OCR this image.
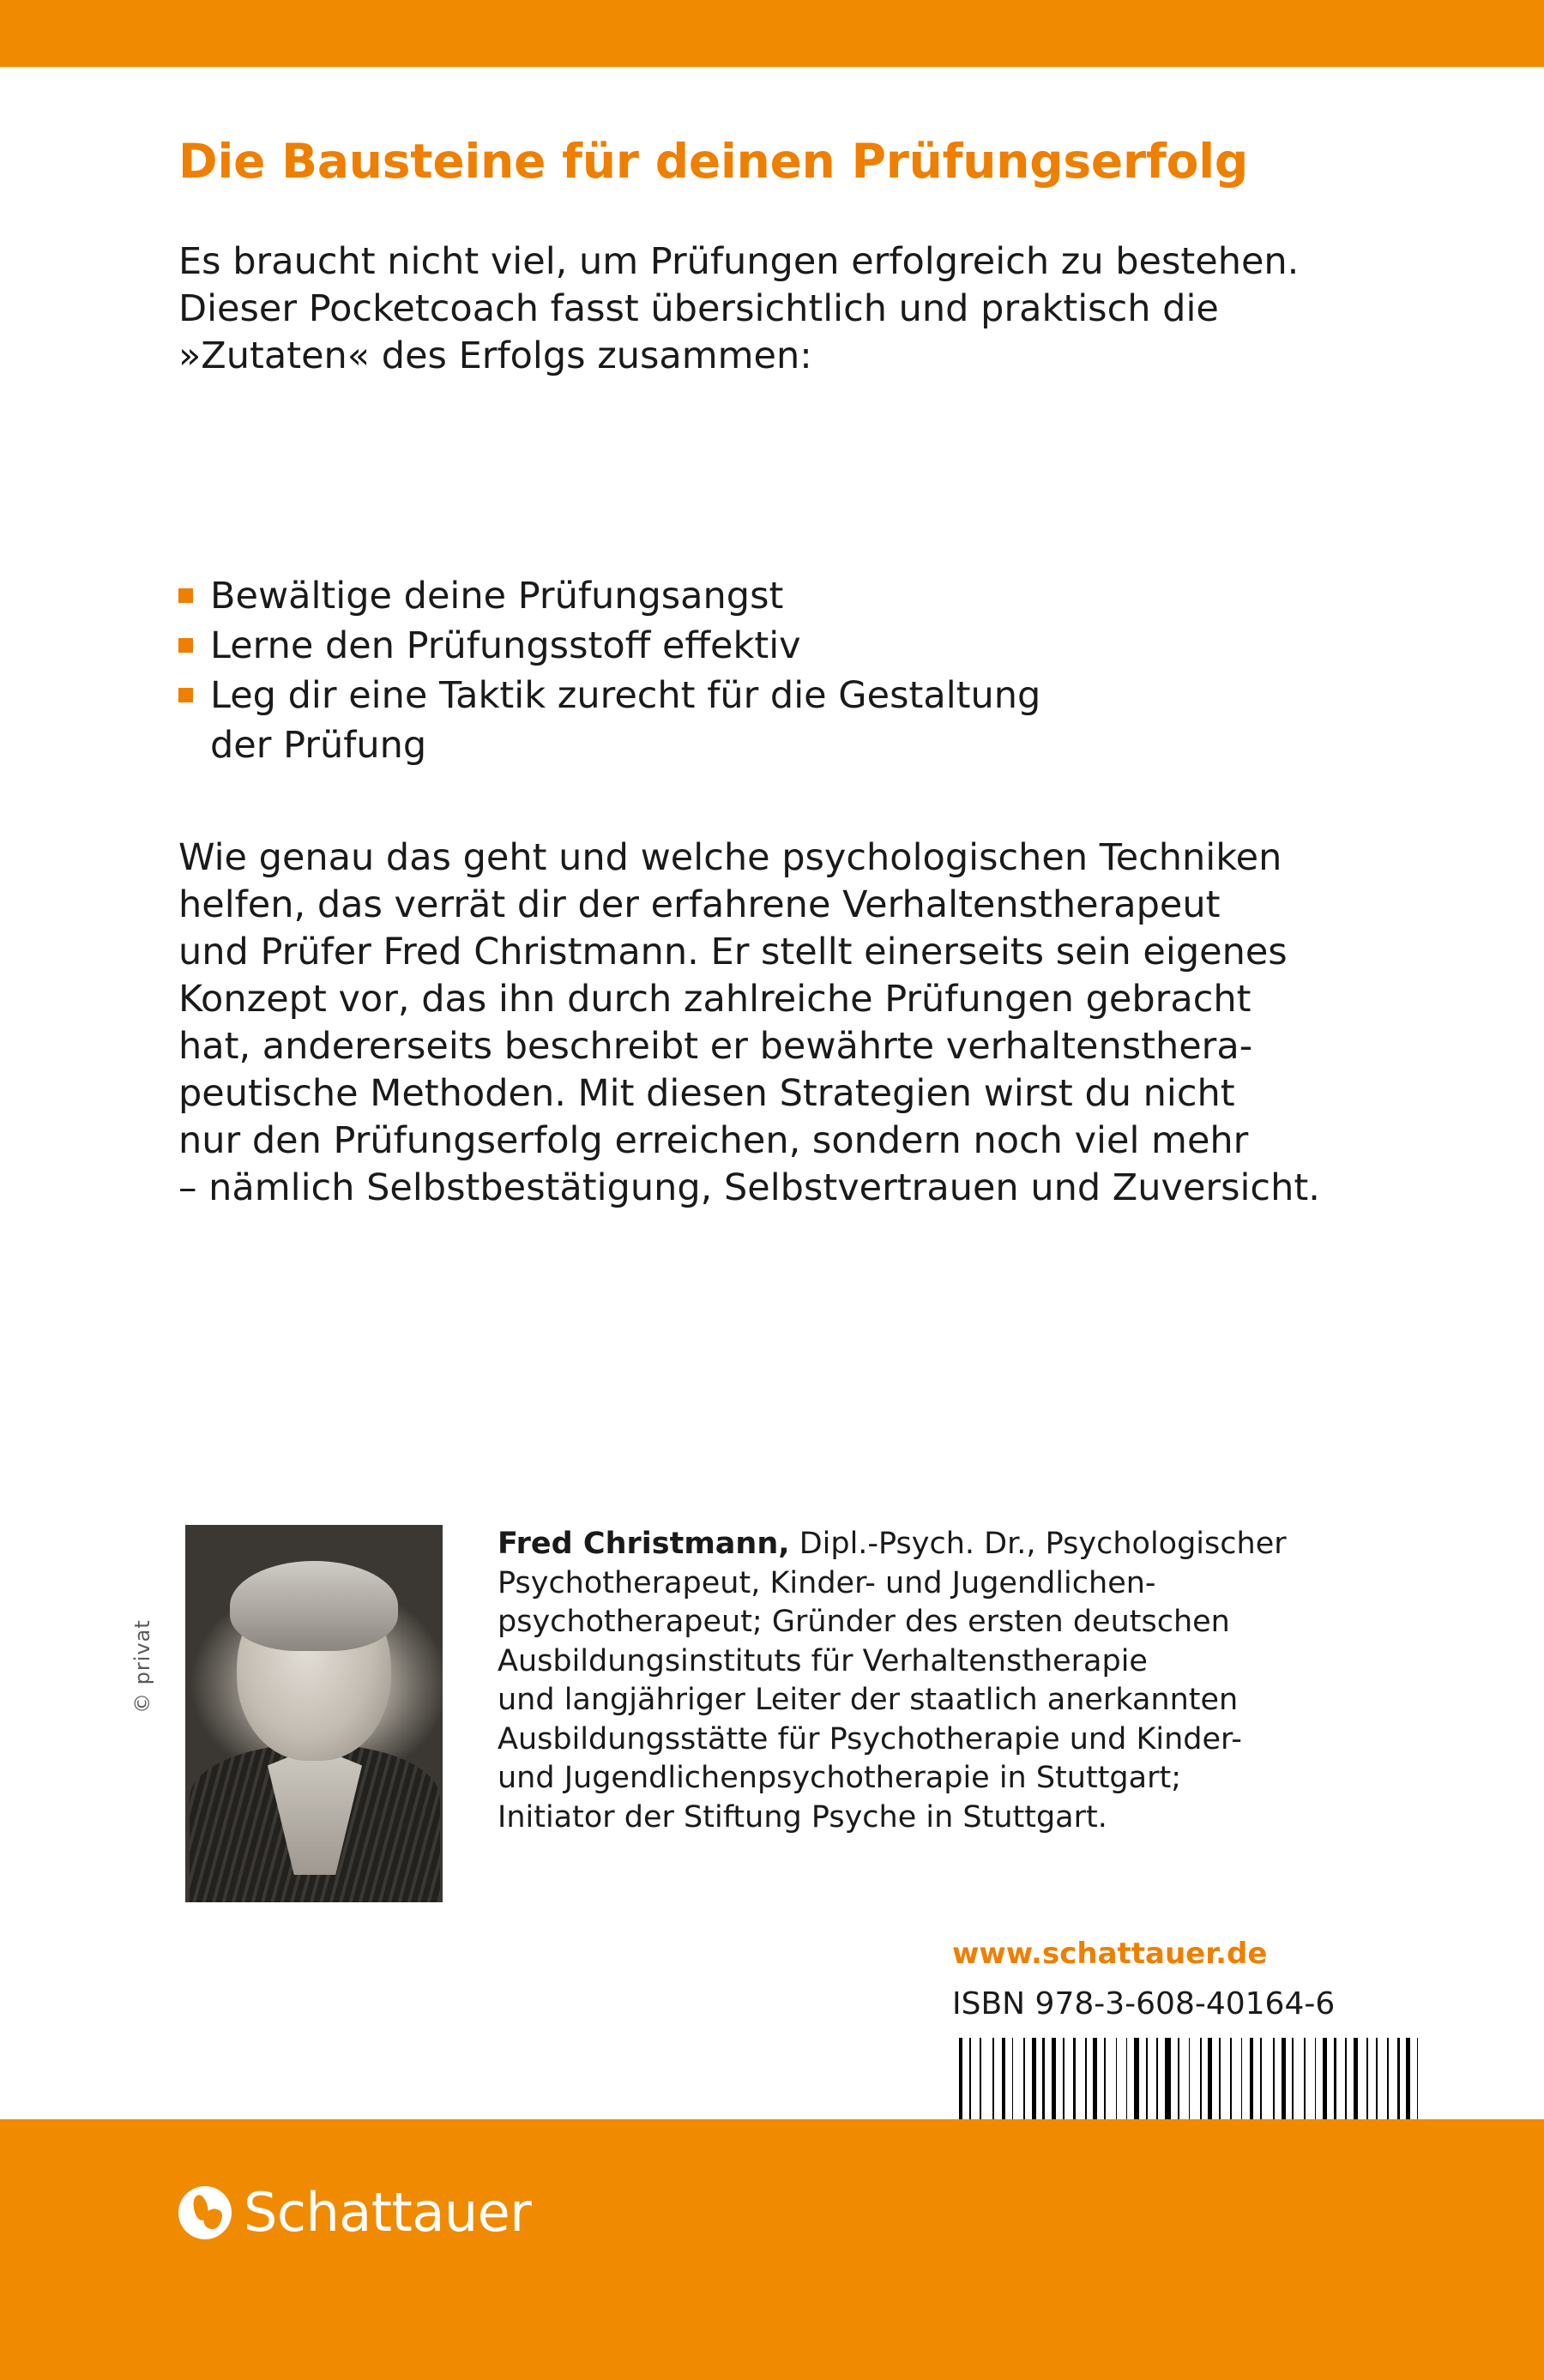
Die Bausteine für deinen Prüfungserfolg
Es braucht nicht viel, um Prüfungen erfolgreich zu bestehen.
Dieser Pocketcoach fasst übersichtlich und praktisch die
»Zutaten« des Erfolgs zusammen:
Bewältige deine Prüfungsangst
Lerne den Prüfungsstoff effektiv
Leg dir eine Taktik zurecht für die Gestaltung
der Prüfung
Wie genau das geht und welche psychologischen Techniken
helfen, das verrät dir der erfahrene Verhaltenstherapeut
und Prüfer Fred Christmann. Er stellt einerseits sein eigenes
Konzept vor, das ihn durch zahlreiche Prüfungen gebracht
hat, andererseits beschreibt er bewährte verhaltensthera-
peutische Methoden. Mit diesen Strategien wirst du nicht
nur den Prüfungserfolg erreichen, sondern noch viel mehr
– nämlich Selbstbestätigung, Selbstvertrauen und Zuversicht.
© privat
Fred Christmann, Dipl.-Psych. Dr., Psychologischer
Psychotherapeut, Kinder- und Jugendlichen-
psychotherapeut; Gründer des ersten deutschen
Ausbildungsinstituts für Verhaltenstherapie
und langjähriger Leiter der staatlich anerkannten
Ausbildungsstätte für Psychotherapie und Kinder-
und Jugendlichenpsychotherapie in Stuttgart;
Initiator der Stiftung Psyche in Stuttgart.
www.schattauer.de
ISBN 978-3-608-40164-6
Schattauer
